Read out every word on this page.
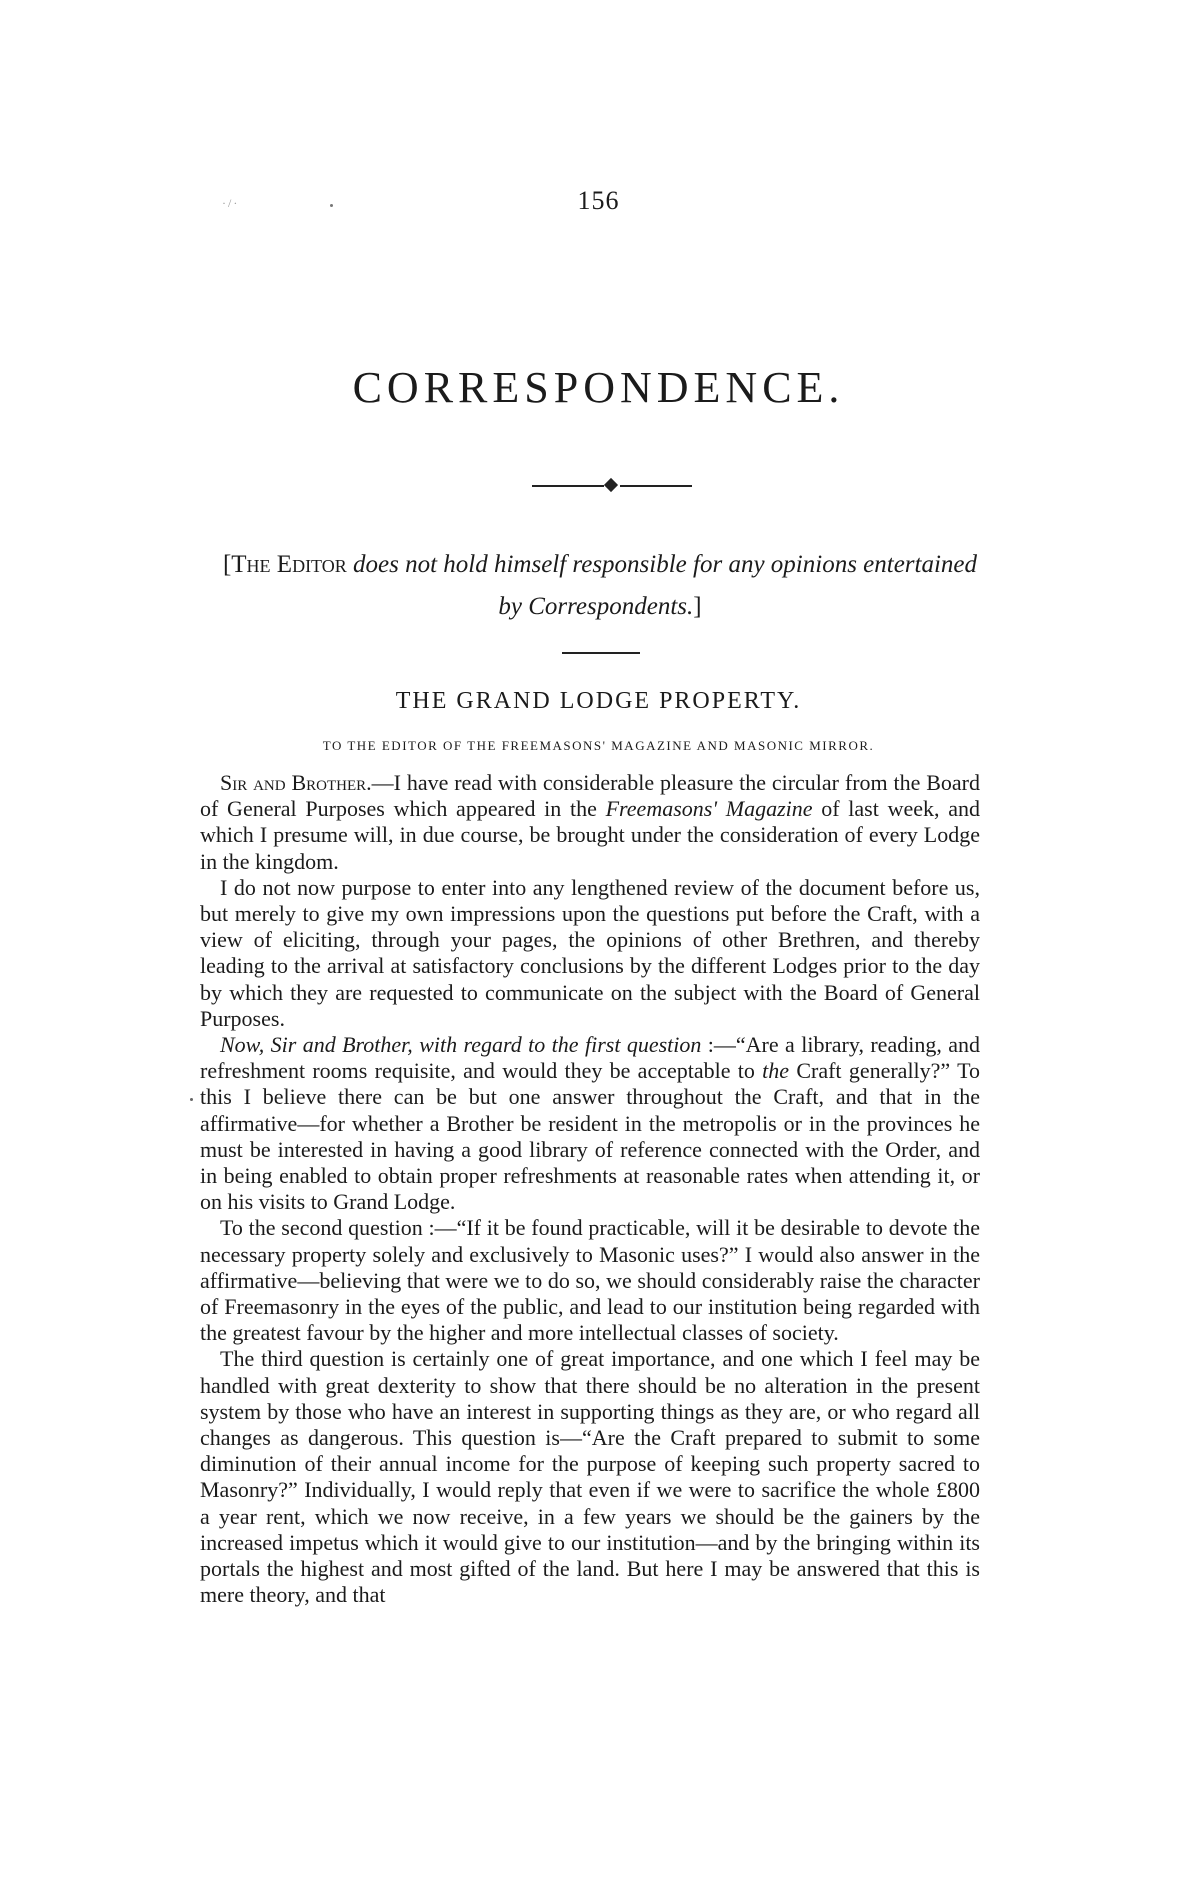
·/·	156
CORRESPONDENCE.
[The Editor does not hold himself responsible for any opinions entertained by Correspondents.]
THE GRAND LODGE PROPERTY.
TO THE EDITOR OF THE FREEMASONS' MAGAZINE AND MASONIC MIRROR.

Sir and Brother.—I have read with considerable pleasure the circular from the Board of General Purposes which appeared in the Freemasons' Magazine of last week, and which I presume will, in due course, be brought under the consideration of every Lodge in the kingdom.

I do not now purpose to enter into any lengthened review of the document before us, but merely to give my own impressions upon the questions put before the Craft, with a view of eliciting, through your pages, the opinions of other Brethren, and thereby leading to the arrival at satisfactory conclusions by the different Lodges prior to the day by which they are requested to communicate on the subject with the Board of General Purposes.

Now, Sir and Brother, with regard to the first question :—“Are a library, reading, and refreshment rooms requisite, and would they be acceptable to the Craft generally?” To this I believe there can be but one answer throughout the Craft, and that in the affirmative—for whether a Brother be resident in the metropolis or in the provinces he must be interested in having a good library of reference connected with the Order, and in being enabled to obtain proper refreshments at reasonable rates when attending it, or on his visits to Grand Lodge.

To the second question :—“If it be found practicable, will it be desirable to devote the necessary property solely and exclusively to Masonic uses?” I would also answer in the affirmative—believing that were we to do so, we should considerably raise the character of Freemasonry in the eyes of the public, and lead to our institution being regarded with the greatest favour by the higher and more intellectual classes of society.

The third question is certainly one of great importance, and one which I feel may be handled with great dexterity to show that there should be no alteration in the present system by those who have an interest in supporting things as they are, or who regard all changes as dangerous. This question is—“Are the Craft prepared to submit to some diminution of their annual income for the purpose of keeping such property sacred to Masonry?” Individually, I would reply that even if we were to sacrifice the whole £800 a year rent, which we now receive, in a few years we should be the gainers by the increased impetus which it would give to our institution—and by the bringing within its portals the highest and most gifted of the land. But here I may be answered that this is mere theory, and that
